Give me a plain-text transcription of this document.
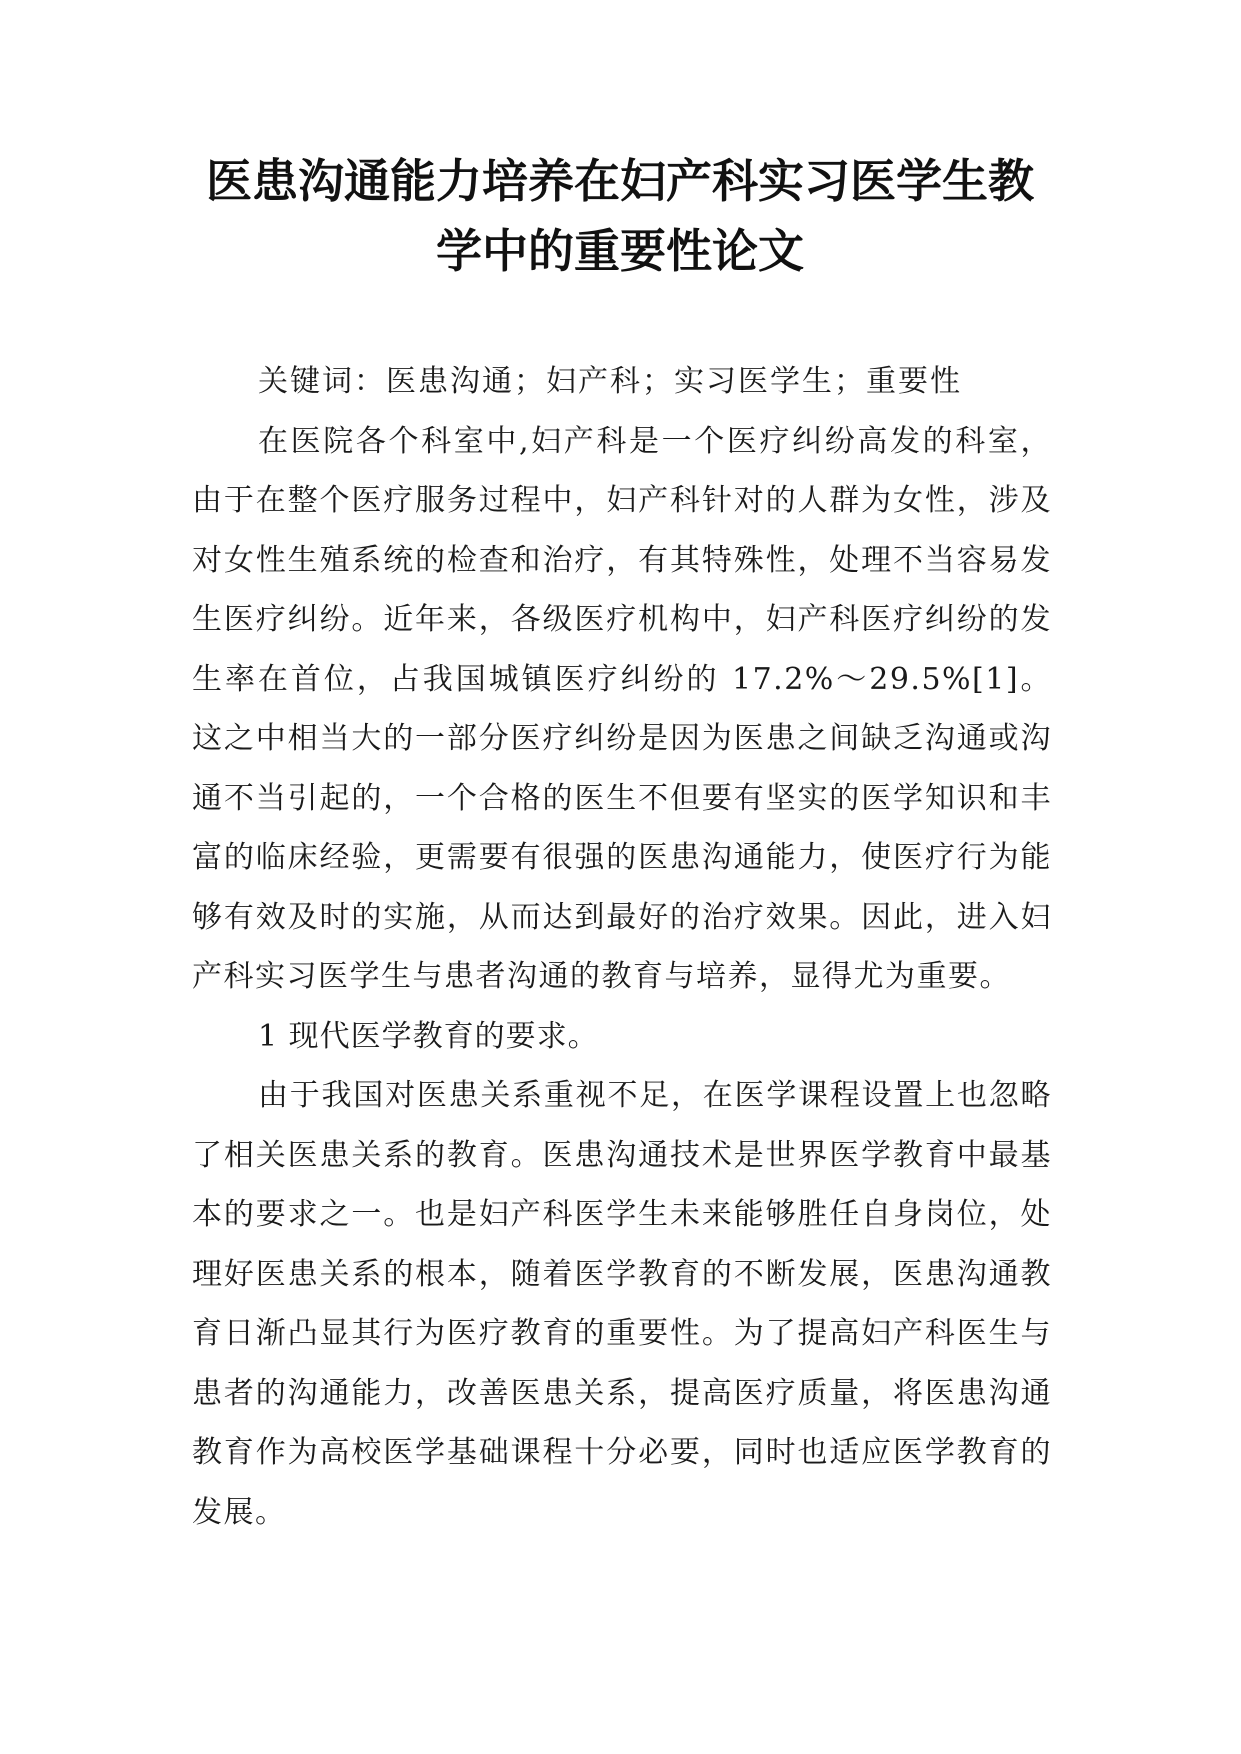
医患沟通能力培养在妇产科实习医学生教
学中的重要性论文

关键词：医患沟通；妇产科；实习医学生；重要性

在医院各个科室中,妇产科是一个医疗纠纷高发的科室，由于在整个医疗服务过程中，妇产科针对的人群为女性，涉及对女性生殖系统的检查和治疗，有其特殊性，处理不当容易发生医疗纠纷。近年来，各级医疗机构中，妇产科医疗纠纷的发生率在首位，占我国城镇医疗纠纷的 17.2%～29.5%[1]。这之中相当大的一部分医疗纠纷是因为医患之间缺乏沟通或沟通不当引起的，一个合格的医生不但要有坚实的医学知识和丰富的临床经验，更需要有很强的医患沟通能力，使医疗行为能够有效及时的实施，从而达到最好的治疗效果。因此，进入妇产科实习医学生与患者沟通的教育与培养，显得尤为重要。

1 现代医学教育的要求。

由于我国对医患关系重视不足，在医学课程设置上也忽略了相关医患关系的教育。医患沟通技术是世界医学教育中最基本的要求之一。也是妇产科医学生未来能够胜任自身岗位，处理好医患关系的根本，随着医学教育的不断发展，医患沟通教育日渐凸显其行为医疗教育的重要性。为了提高妇产科医生与患者的沟通能力，改善医患关系，提高医疗质量，将医患沟通教育作为高校医学基础课程十分必要，同时也适应医学教育的发展。
